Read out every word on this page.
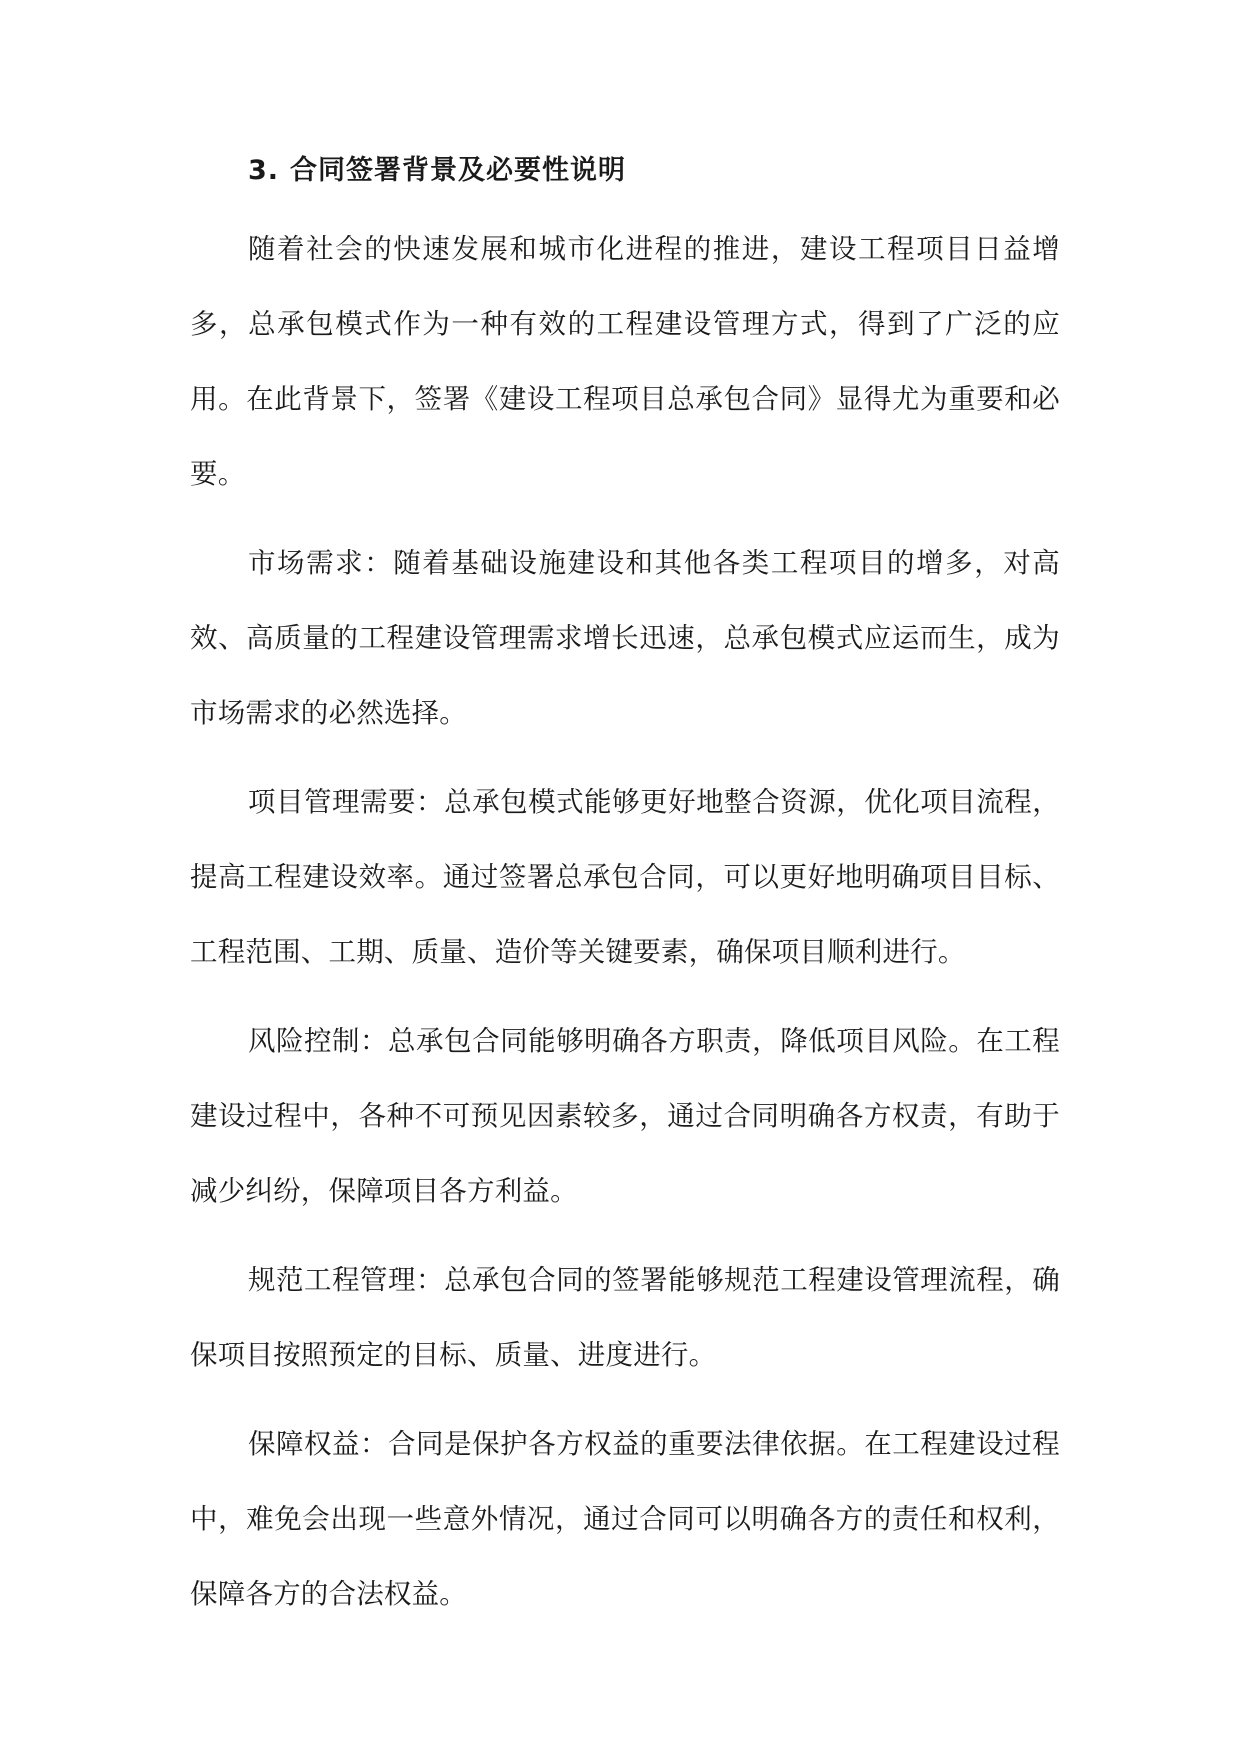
3. 合同签署背景及必要性说明

随着社会的快速发展和城市化进程的推进，建设工程项目日益增多，总承包模式作为一种有效的工程建设管理方式，得到了广泛的应用。在此背景下，签署《建设工程项目总承包合同》显得尤为重要和必要。

市场需求：随着基础设施建设和其他各类工程项目的增多，对高效、高质量的工程建设管理需求增长迅速，总承包模式应运而生，成为市场需求的必然选择。

项目管理需要：总承包模式能够更好地整合资源，优化项目流程，提高工程建设效率。通过签署总承包合同，可以更好地明确项目目标、工程范围、工期、质量、造价等关键要素，确保项目顺利进行。

风险控制：总承包合同能够明确各方职责，降低项目风险。在工程建设过程中，各种不可预见因素较多，通过合同明确各方权责，有助于减少纠纷，保障项目各方利益。

规范工程管理：总承包合同的签署能够规范工程建设管理流程，确保项目按照预定的目标、质量、进度进行。

保障权益：合同是保护各方权益的重要法律依据。在工程建设过程中，难免会出现一些意外情况，通过合同可以明确各方的责任和权利，保障各方的合法权益。
